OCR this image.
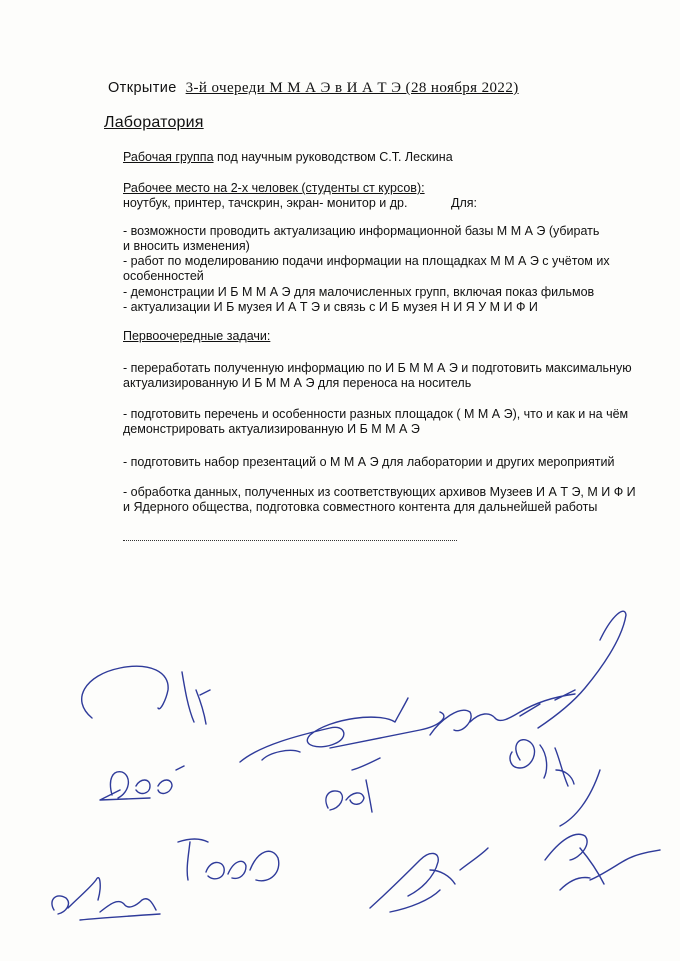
Открытие 3-й очереди М М А Э в И А Т Э (28 ноября 2022)
Лаборатория
Рабочая группа под научным руководством С.Т. Лескина
Рабочее место на 2-х человек (студенты ст курсов):
ноутбук, принтер, тачскрин, экран- монитор и др.	Для:
- возможности проводить актуализацию информационной базы М М А Э (убирать
и вносить изменения)
- работ по моделированию подачи информации на площадках М М А Э с учётом их
особенностей
- демонстрации И Б М М А Э для малочисленных групп, включая показ фильмов
- актуализации И Б музея И А Т Э и связь с И Б музея Н И Я У М И Ф И
Первоочередные задачи:
- переработать полученную информацию по И Б М М А Э и подготовить максимальную
актуализированную И Б М М А Э для переноса на носитель
- подготовить перечень и особенности разных площадок ( М М А Э), что и как и на чём
демонстрировать актуализированную И Б М М А Э
- подготовить набор презентаций о М М А Э для лаборатории и других мероприятий
- обработка данных, полученных из соответствующих архивов Музеев И А Т Э, М И Ф И
и Ядерного общества, подготовка совместного контента для дальнейшей работы
